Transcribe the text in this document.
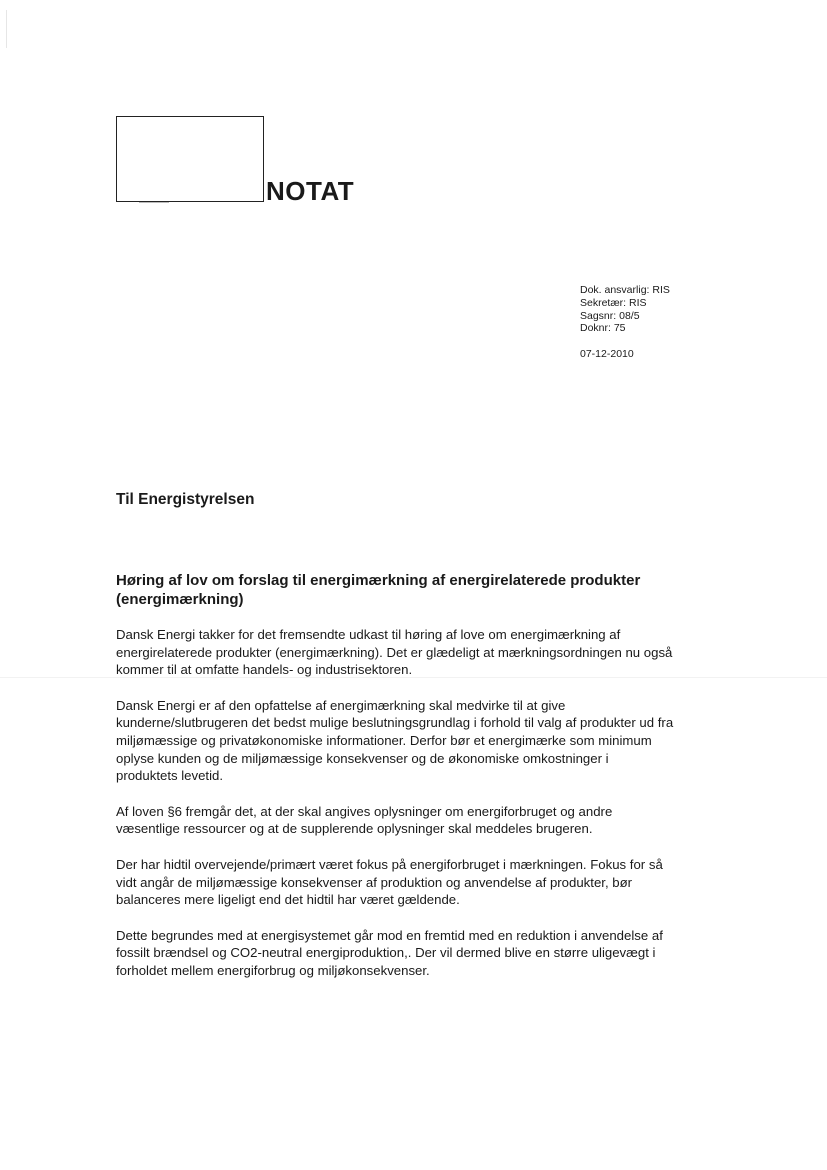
NOTAT
Dok. ansvarlig: RIS
Sekretær: RIS
Sagsnr: 08/5
Doknr: 75
07-12-2010
Til Energistyrelsen
Høring af lov om forslag til energimærkning af energirelaterede produkter
(energimærkning)

Dansk Energi takker for det fremsendte udkast til høring af love om energimærkning af
energirelaterede produkter (energimærkning). Det er glædeligt at mærkningsordningen nu også
kommer til at omfatte handels- og industrisektoren.

Dansk Energi er af den opfattelse af energimærkning skal medvirke til at give
kunderne/slutbrugeren det bedst mulige beslutningsgrundlag i forhold til valg af produkter ud fra
miljømæssige og privatøkonomiske informationer. Derfor bør et energimærke som minimum
oplyse kunden og de miljømæssige konsekvenser og de økonomiske omkostninger i
produktets levetid.

Af loven §6 fremgår det, at der skal angives oplysninger om energiforbruget og andre
væsentlige ressourcer og at de supplerende oplysninger skal meddeles brugeren.

Der har hidtil overvejende/primært været fokus på energiforbruget i mærkningen. Fokus for så
vidt angår de miljømæssige konsekvenser af produktion og anvendelse af produkter, bør
balanceres mere ligeligt end det hidtil har været gældende.

Dette begrundes med at energisystemet går mod en fremtid med en reduktion i anvendelse af
fossilt brændsel og CO2-neutral energiproduktion,. Der vil dermed blive en større uligevægt i
forholdet mellem energiforbrug og miljøkonsekvenser.
